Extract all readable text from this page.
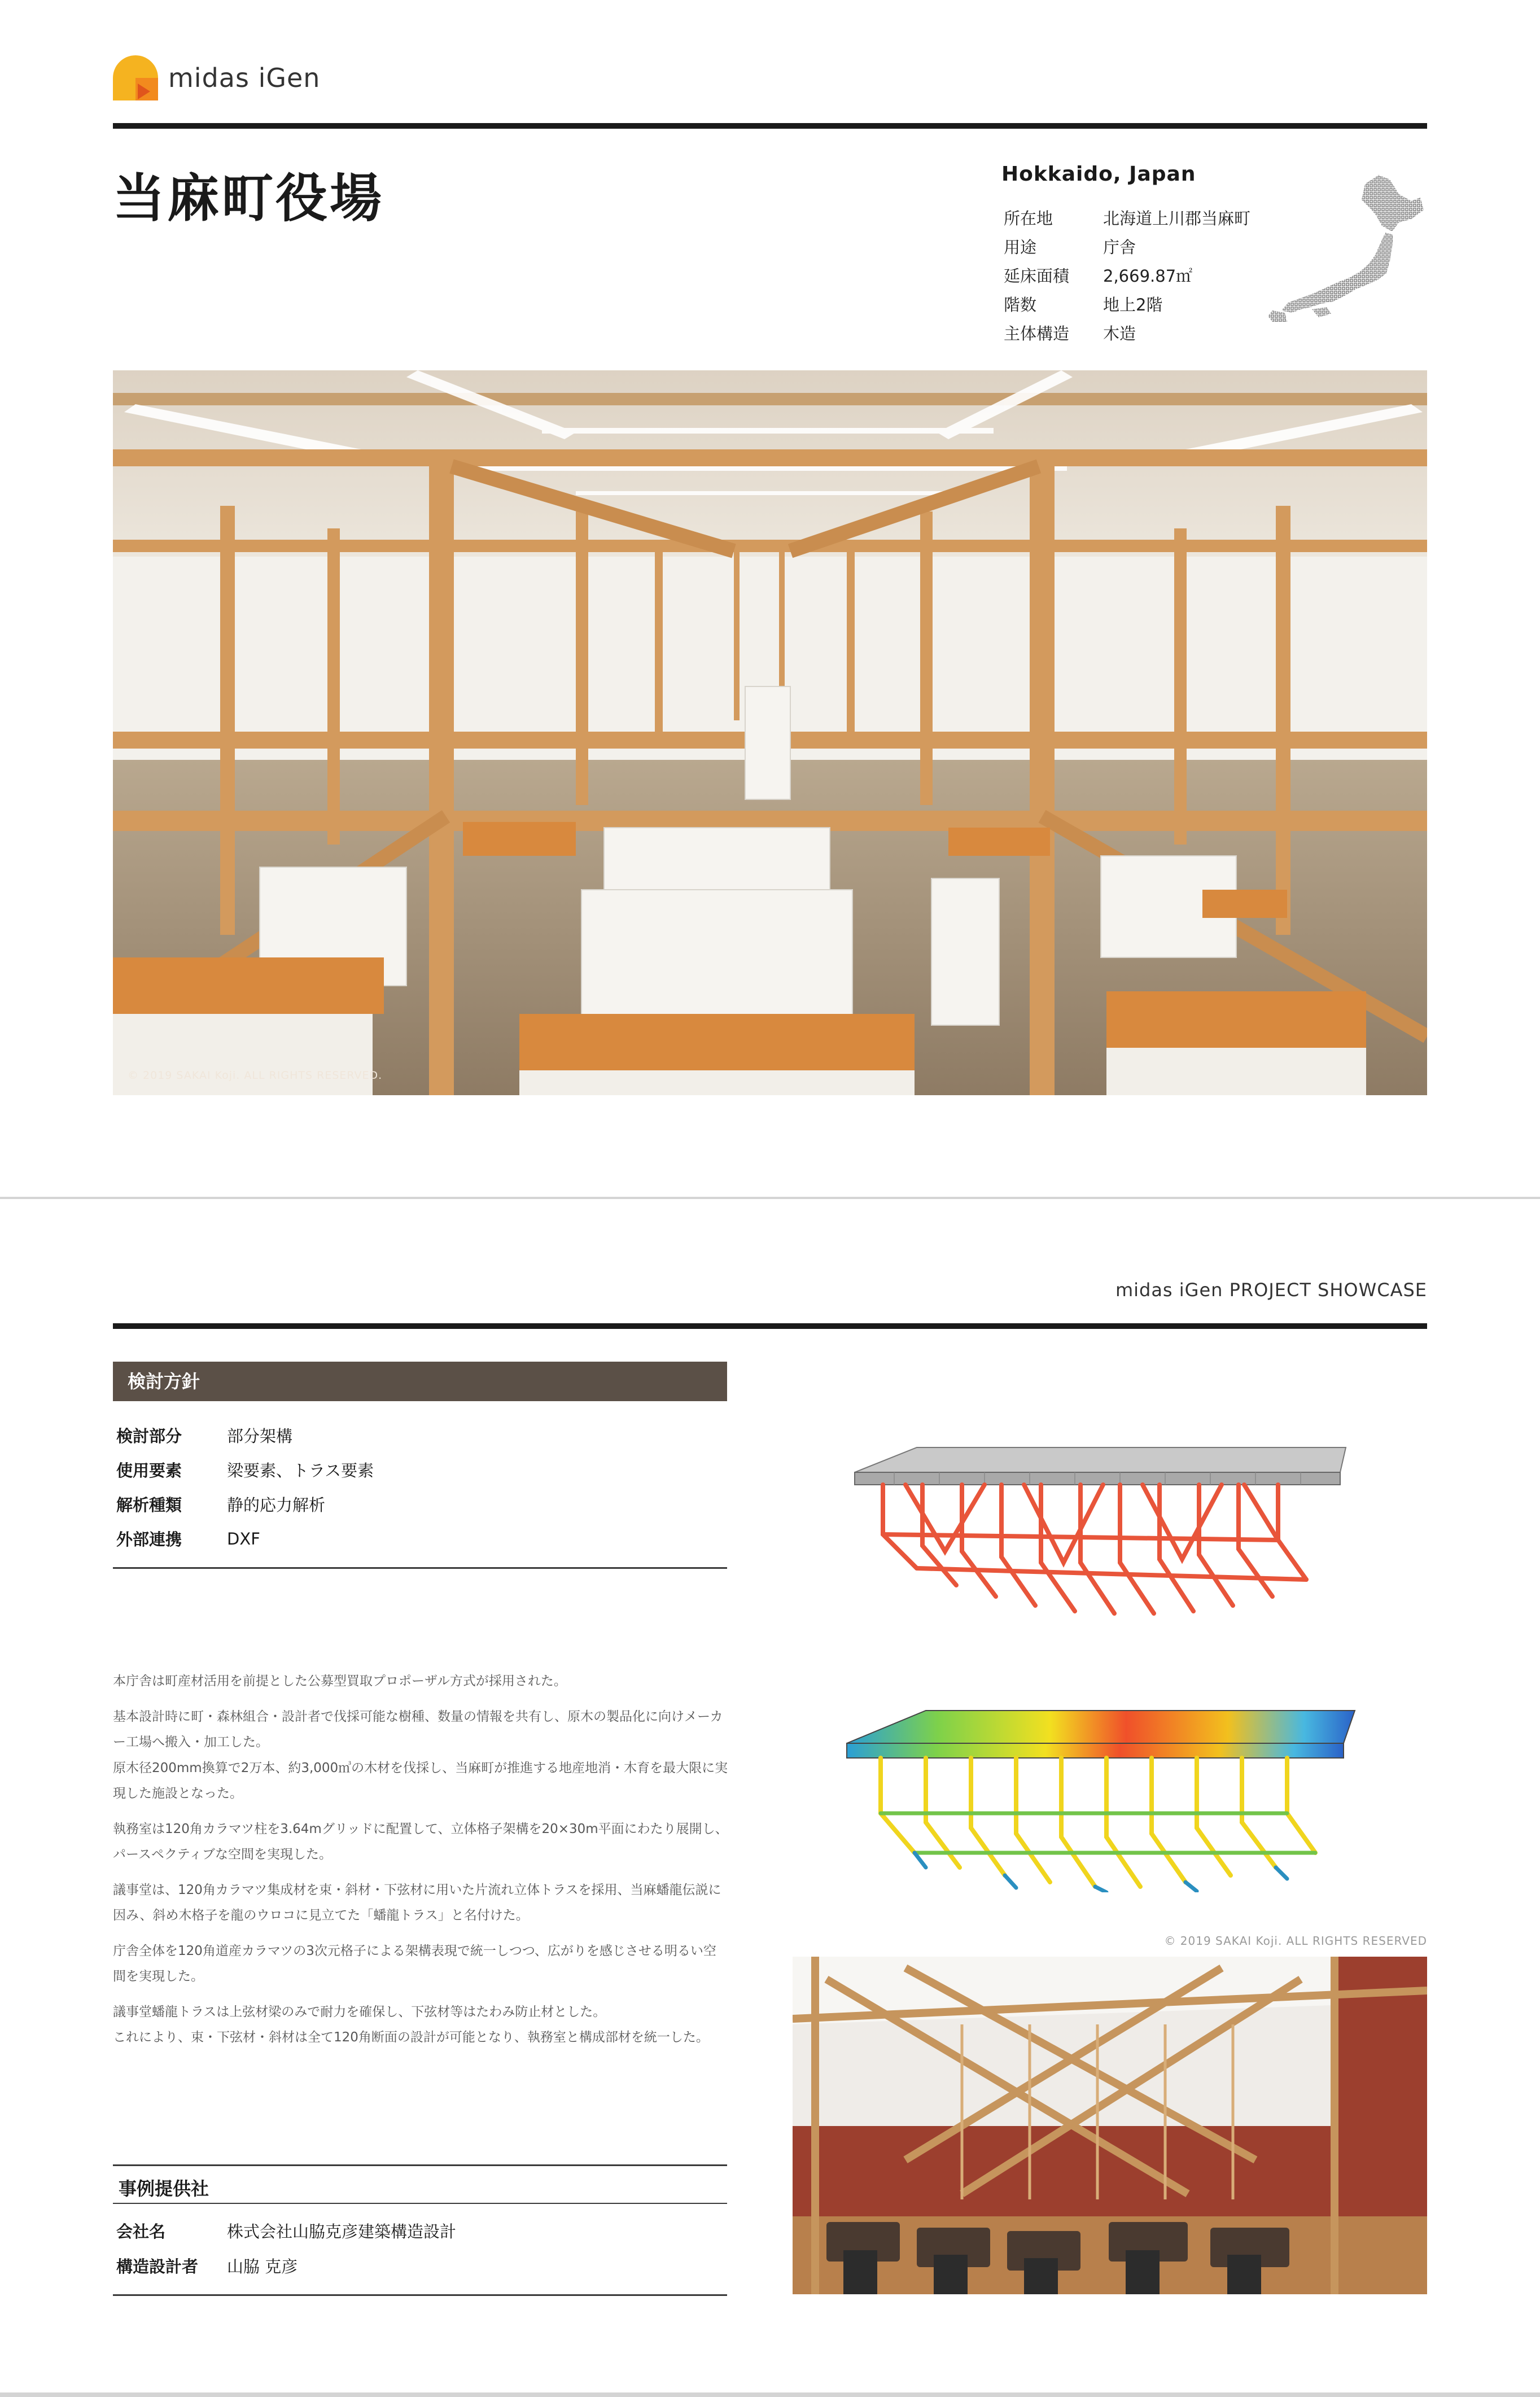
midas iGen
当麻町役場	Hokkaido, Japan
所在地	北海道上川郡当麻町
用途	庁舎
延床面積	2,669.87㎡
階数	地上2階
主体構造	木造
© 2019 SAKAI Koji. ALL RIGHTS RESERVED.
midas iGen PROJECT SHOWCASE
検討方針
検討部分	部分架構
使用要素	梁要素、トラス要素
解析種類	静的応力解析
外部連携	DXF

本庁舎は町産材活用を前提とした公募型買取プロポーザル方式が採用された。

基本設計時に町・森林組合・設計者で伐採可能な樹種、数量の情報を共有し、原木の製品化に向けメーカー工場へ搬入・加工した。
原木径200mm換算で2万本、約3,000㎥の木材を伐採し、当麻町が推進する地産地消・木育を最大限に実現した施設となった。

執務室は120角カラマツ柱を3.64mグリッドに配置して、立体格子架構を20×30m平面にわたり展開し、パースペクティブな空間を実現した。

議事堂は、120角カラマツ集成材を束・斜材・下弦材に用いた片流れ立体トラスを採用、当麻蟠龍伝説に因み、斜め木格子を龍のウロコに見立てた「蟠龍トラス」と名付けた。

庁舎全体を120角道産カラマツの3次元格子による架構表現で統一しつつ、広がりを感じさせる明るい空間を実現した。

議事堂蟠龍トラスは上弦材梁のみで耐力を確保し、下弦材等はたわみ防止材とした。
これにより、束・下弦材・斜材は全て120角断面の設計が可能となり、執務室と構成部材を統一した。

事例提供社
会社名	株式会社山脇克彦建築構造設計
構造設計者	山脇 克彦
© 2019 SAKAI Koji. ALL RIGHTS RESERVED
